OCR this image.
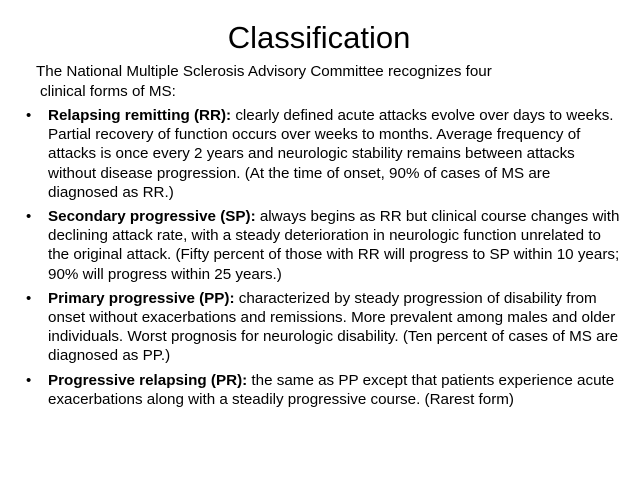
Classification

The National Multiple Sclerosis Advisory Committee recognizes four
clinical forms of MS:

•	Relapsing remitting (RR): clearly defined acute attacks evolve over days to weeks. Partial recovery of function occurs over weeks to months. Average frequency of attacks is once every 2 years and neurologic stability remains between attacks without disease progression. (At the time of onset, 90% of cases of MS are diagnosed as RR.)
•	Secondary progressive (SP): always begins as RR but clinical course changes with declining attack rate, with a steady deterioration in neurologic function unrelated to the original attack. (Fifty percent of those with RR will progress to SP within 10 years; 90% will progress within 25 years.)
•	Primary progressive (PP): characterized by steady progression of disability from onset without exacerbations and remissions. More prevalent among males and older individuals. Worst prognosis for neurologic disability. (Ten percent of cases of MS are diagnosed as PP.)
•	Progressive relapsing (PR): the same as PP except that patients experience acute exacerbations along with a steadily progressive course. (Rarest form)
